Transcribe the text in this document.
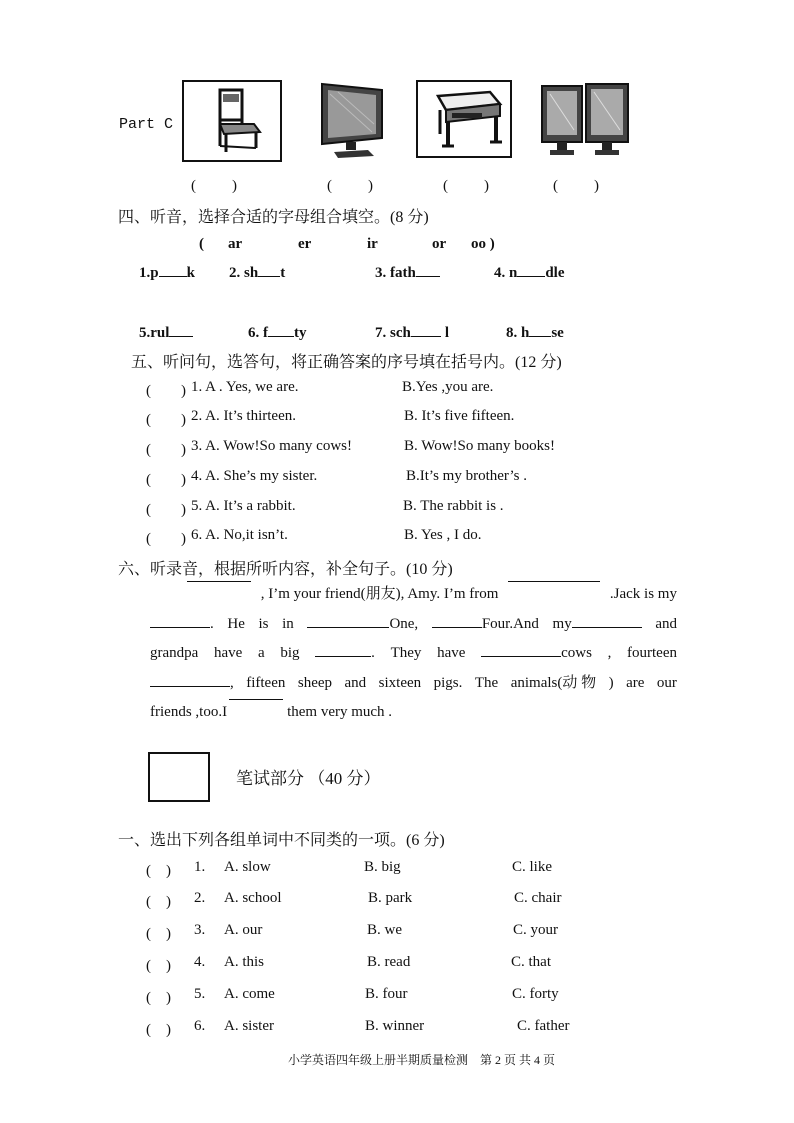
Part C
(　　)	(　　)	(　　)	(　　)
四、听音，选择合适的字母组合填空。(8 分)
( ar	er	ir	or oo )
1.p k 2. sh t	3. fath	4. n dle
5.rul	6. f ty	7. sch l	8. h se
五、听问句，选答句，将正确答案的序号填在括号内。(12 分)
(　　) 1. A . Yes, we are.	B.Yes ,you are.
(　　) 2. A. It’s thirteen.	B. It’s five fifteen.
(　　) 3. A. Wow!So many cows!	B. Wow!So many books!
(　　) 4. A. She’s my sister.	B.It’s my brother’s .
(　　) 5. A. It’s a rabbit.	B. The rabbit is .
(　　) 6. A. No,it isn’t.	B. Yes , I do.
六、听录音，根据所听内容，补全句子。(10 分)
, I’m your friend(朋友), Amy. I’m from	.Jack is my
. He is in	One,	Four.And my	and
grandpa have a big	. They have	cows , fourteen
, fifteen sheep and sixteen pigs. The animals(动 物 ) are our
friends ,too.I	them very much .
笔试部分 （40 分）
一、选出下列各组单词中不同类的一项。(6 分)
(　) 1. A. slow	B. big	C. like
(　) 2. A. school	B. park	C. chair
(　) 3. A. our	B. we	C. your
(　) 4. A. this	B. read	C. that
(　) 5. A. come	B. four	C. forty
(　) 6. A. sister	B. winner	C. father
小学英语四年级上册半期质量检测　第 2 页 共 4 页
